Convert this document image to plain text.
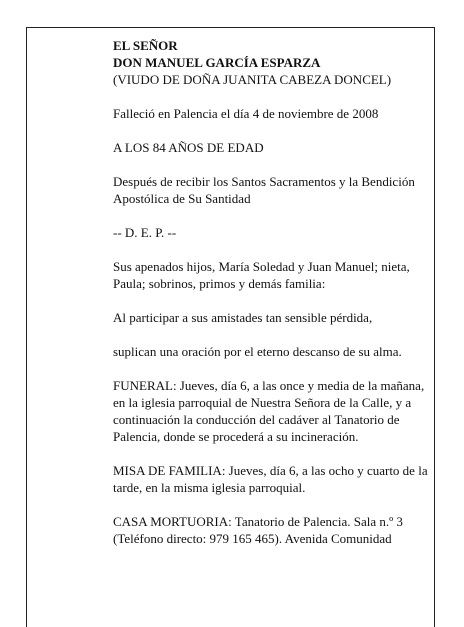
EL SEÑOR

DON MANUEL GARCÍA ESPARZA

(VIUDO DE DOÑA JUANITA CABEZA DONCEL)

Falleció en Palencia el día 4 de noviembre de 2008

A LOS 84 AÑOS DE EDAD

Después de recibir los Santos Sacramentos y la Bendición Apostólica de Su Santidad

-- D. E. P. --

Sus apenados hijos, María Soledad y Juan Manuel; nieta, Paula; sobrinos, primos y demás familia:

Al participar a sus amistades tan sensible pérdida,

suplican una oración por el eterno descanso de su alma.

FUNERAL: Jueves, día 6, a las once y media de la mañana, en la iglesia parroquial de Nuestra Señora de la Calle, y a continuación la conducción del cadáver al Tanatorio de Palencia, donde se procederá a su incineración.

MISA DE FAMILIA: Jueves, día 6, a las ocho y cuarto de la tarde, en la misma iglesia parroquial.

CASA MORTUORIA: Tanatorio de Palencia. Sala n.º 3 (Teléfono directo: 979 165 465). Avenida Comunidad
